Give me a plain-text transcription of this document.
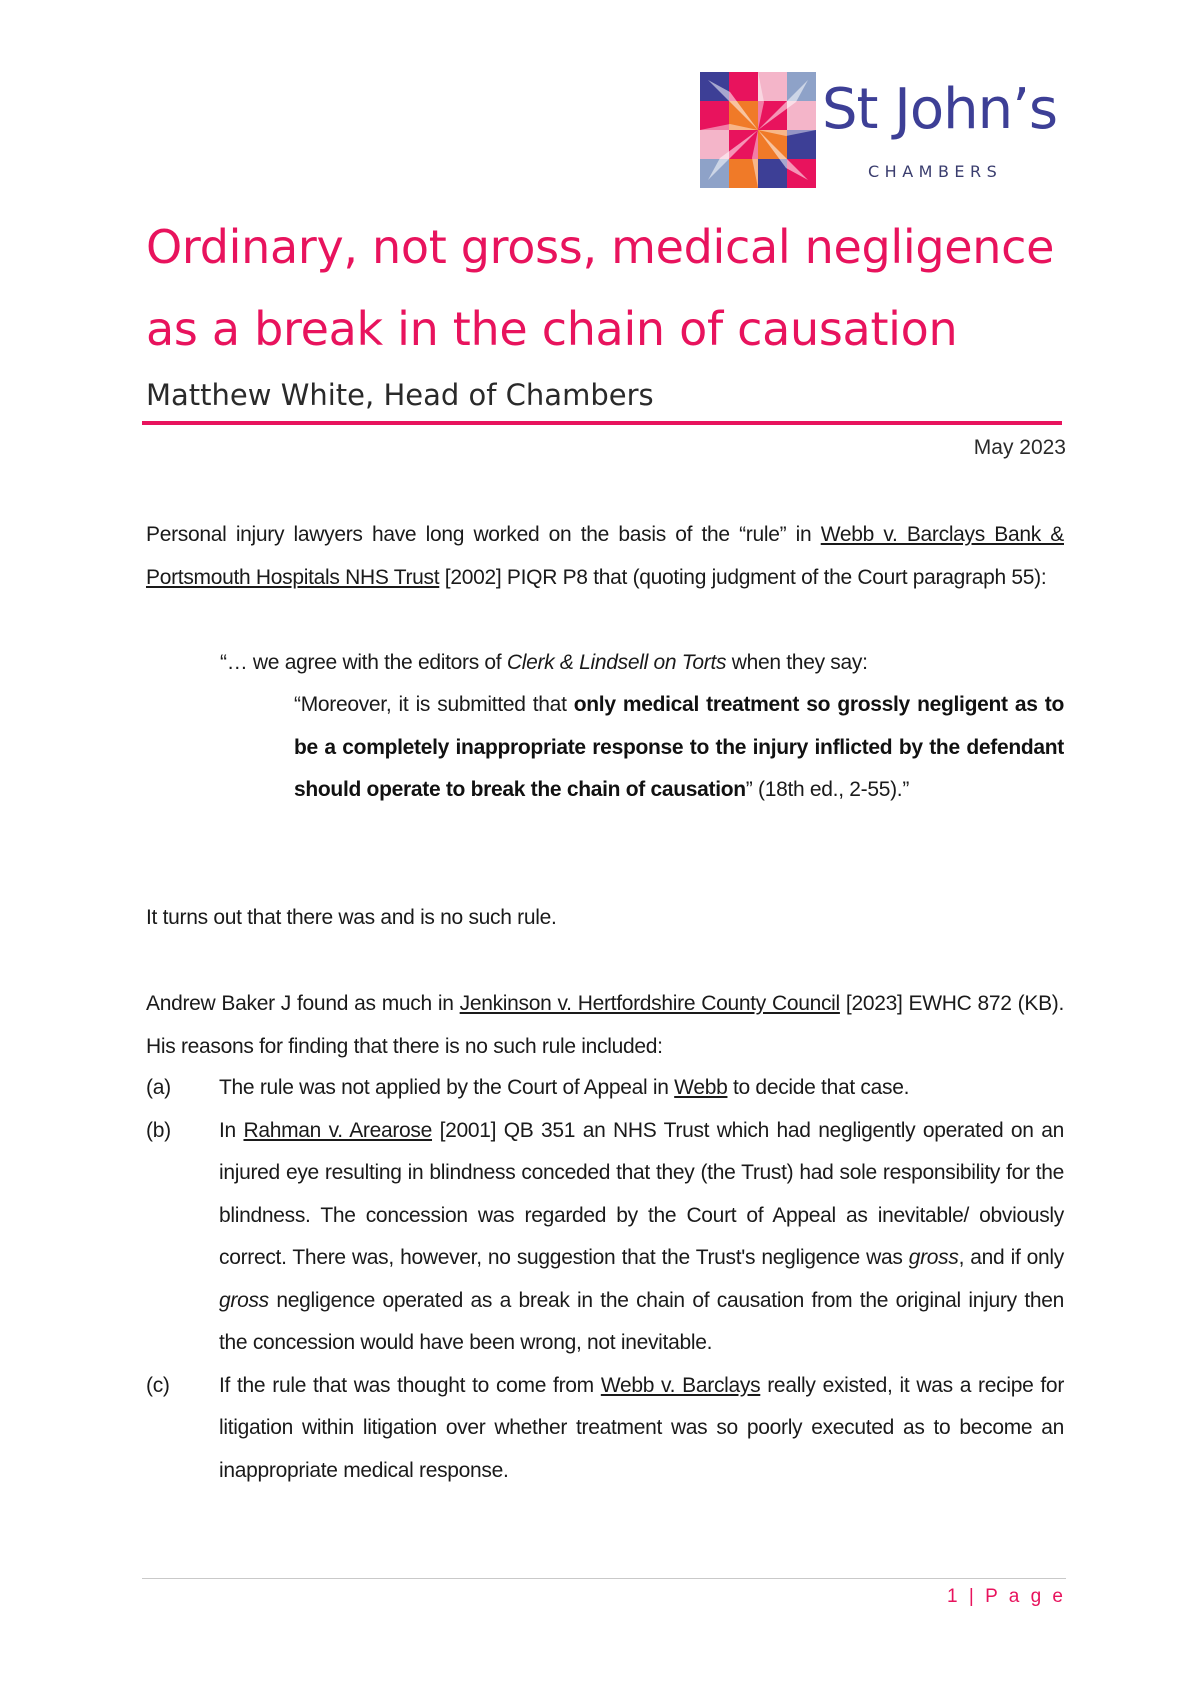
St John’s
CHAMBERS
Ordinary, not gross, medical negligence as a break in the chain of causation
Matthew White, Head of Chambers
May 2023
Personal injury lawyers have long worked on the basis of the “rule” in Webb v. Barclays Bank & Portsmouth Hospitals NHS Trust [2002] PIQR P8 that (quoting judgment of the Court paragraph 55):
“… we agree with the editors of Clerk & Lindsell on Torts when they say:
“Moreover, it is submitted that only medical treatment so grossly negligent as to be a completely inappropriate response to the injury inflicted by the defendant should operate to break the chain of causation” (18th ed., 2-55).”
It turns out that there was and is no such rule.
Andrew Baker J found as much in Jenkinson v. Hertfordshire County Council [2023] EWHC 872 (KB). His reasons for finding that there is no such rule included:
(a)	The rule was not applied by the Court of Appeal in Webb to decide that case.
(b)	In Rahman v. Arearose [2001] QB 351 an NHS Trust which had negligently operated on an injured eye resulting in blindness conceded that they (the Trust) had sole responsibility for the blindness. The concession was regarded by the Court of Appeal as inevitable/ obviously correct. There was, however, no suggestion that the Trust's negligence was gross, and if only gross negligence operated as a break in the chain of causation from the original injury then the concession would have been wrong, not inevitable.
(c)	If the rule that was thought to come from Webb v. Barclays really existed, it was a recipe for litigation within litigation over whether treatment was so poorly executed as to become an inappropriate medical response.
1 | P a g e
